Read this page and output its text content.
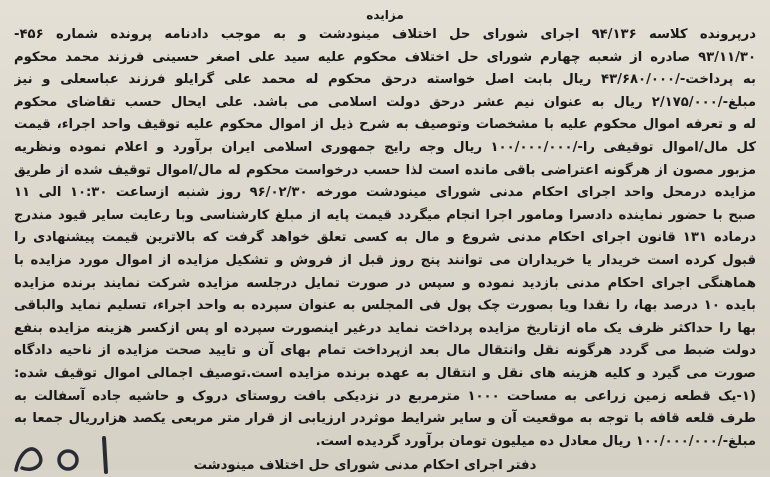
مزایده
درپرونده کلاسه ۹۴/۱۳۶ اجرای شورای حل اختلاف مینودشت و به موجب دادنامه پرونده شماره ۴۵۶-
۹۳/۱۱/۳۰ صادره از شعبه چهارم شورای حل اختلاف محکوم علیه سید علی اصغر حسینی فرزند محمد محکوم
به پرداخت-/۴۳/۶۸۰/۰۰۰ ریال بابت اصل خواسته درحق محکوم له محمد علی گرایلو فرزند عباسعلی و نیز
مبلغ-/۲/۱۷۵/۰۰۰ ریال به عنوان نیم عشر درحق دولت اسلامی می باشد. علی ایحال حسب تقاضای محکوم
له و تعرفه اموال محکوم علیه با مشخصات وتوصیف به شرح ذیل از اموال محکوم علیه توقیف واحد اجراء، قیمت
کل مال/اموال توقیفی را-/۱۰۰/۰۰۰/۰۰۰ ریال وجه رایج جمهوری اسلامی ایران برآورد و اعلام نموده ونظریه
مزبور مصون از هرگونه اعتراضی باقی مانده است لذا حسب درخواست محکوم له مال/اموال توقیف شده از طریق
مزایده درمحل واحد اجرای احکام مدنی شورای مینودشت مورخه ۹۶/۰۲/۳۰ روز شنبه ازساعت ۱۰:۳۰ الی ۱۱
صبح با حضور نماینده دادسرا ومامور اجرا انجام میگردد قیمت پایه از مبلغ کارشناسی وبا رعایت سایر قیود مندرج
درماده ۱۳۱ قانون اجرای احکام مدنی شروع و مال به کسی تعلق خواهد گرفت که بالاترین قیمت پیشنهادی را
قبول کرده است خریدار یا خریداران می توانند پنج روز قبل از فروش و تشکیل مزایده از اموال مورد مزایده با
هماهنگی اجرای احکام مدنی بازدید نموده و سپس در صورت تمایل درجلسه مزایده شرکت نمایند برنده مزایده
بایده ۱۰ درصد بها، را نقدا ویا بصورت چک پول فی المجلس به عنوان سپرده به واحد اجراء، تسلیم نماید والباقی
بها را حداکثر ظرف یک ماه ازتاریخ مزایده پرداخت نماید درغیر اینصورت سپرده او پس ازکسر هزینه مزایده بنفع
دولت ضبط می گردد هرگونه نقل وانتقال مال بعد ازپرداخت تمام بهای آن و تایید صحت مزایده از ناحیه دادگاه
صورت می گیرد و کلیه هزینه های نقل و انتقال به عهده برنده مزایده است.توصیف اجمالی اموال توقیف شده:
(۱-یک قطعه زمین زراعی به مساحت ۱۰۰۰ مترمربع در نزدیکی بافت روستای دروک و حاشیه جاده آسفالت به
طرف قلعه قافه با توجه به موقعیت آن و سایر شرایط موثردر ارزیابی از قرار متر مربعی یکصد هزارریال جمعا به
مبلغ-/۱۰۰/۰۰۰/۰۰۰ ریال معادل ده میلیون تومان برآورد گردیده است.
دفتر اجرای احکام مدنی شورای حل اختلاف مینودشت
